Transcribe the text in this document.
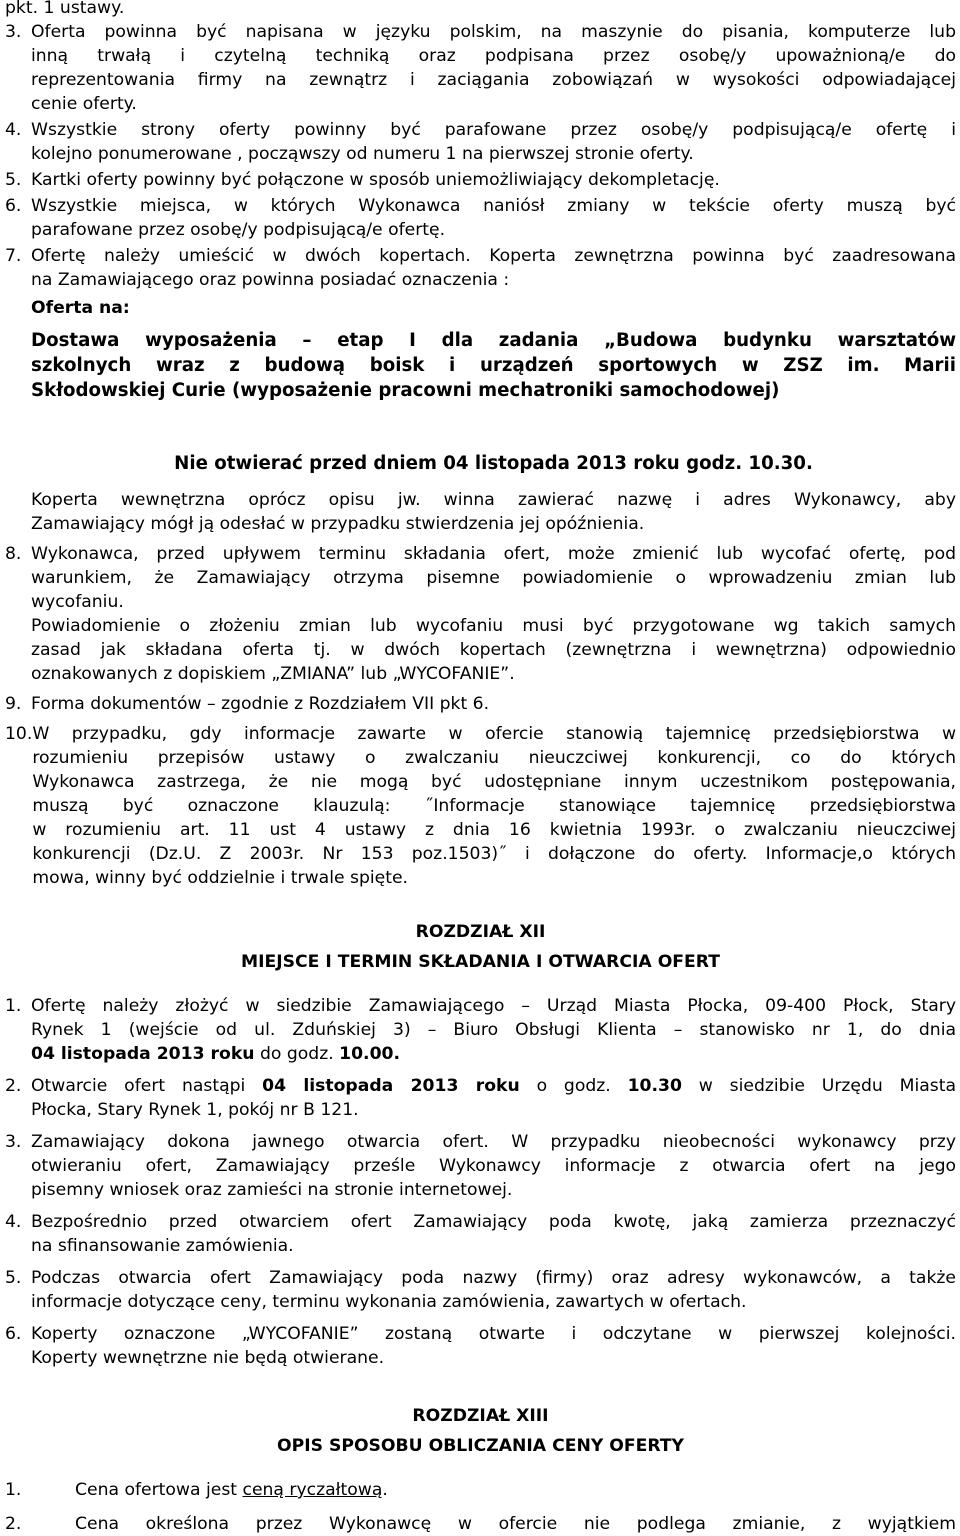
pkt. 1 ustawy.

3. Oferta powinna być napisana w języku polskim, na maszynie do pisania, komputerze lub

inną trwałą i czytelną techniką oraz podpisana przez osobę/y upoważnioną/e do

reprezentowania firmy na zewnątrz i zaciągania zobowiązań w wysokości odpowiadającej

cenie oferty.

4. Wszystkie strony oferty powinny być parafowane przez osobę/y podpisującą/e ofertę i

kolejno ponumerowane , począwszy od numeru 1 na pierwszej stronie oferty.

5. Kartki oferty powinny być połączone w sposób uniemożliwiający dekompletację.

6. Wszystkie miejsca, w których Wykonawca naniósł zmiany w tekście oferty muszą być

parafowane przez osobę/y podpisującą/e ofertę.

7. Ofertę należy umieścić w dwóch kopertach. Koperta zewnętrzna powinna być zaadresowana

na Zamawiającego oraz powinna posiadać oznaczenia :

Oferta na:

Dostawa wyposażenia – etap I dla zadania „Budowa budynku warsztatów

szkolnych wraz z budową boisk i urządzeń sportowych w ZSZ im. Marii

Skłodowskiej Curie (wyposażenie pracowni mechatroniki samochodowej)

Nie otwierać przed dniem 04 listopada 2013 roku godz. 10.30.

Koperta wewnętrzna oprócz opisu jw. winna zawierać nazwę i adres Wykonawcy, aby

Zamawiający mógł ją odesłać w przypadku stwierdzenia jej opóźnienia.

8. Wykonawca, przed upływem terminu składania ofert, może zmienić lub wycofać ofertę, pod

warunkiem, że Zamawiający otrzyma pisemne powiadomienie o wprowadzeniu zmian lub

wycofaniu.

Powiadomienie o złożeniu zmian lub wycofaniu musi być przygotowane wg takich samych

zasad jak składana oferta tj. w dwóch kopertach (zewnętrzna i wewnętrzna) odpowiednio

oznakowanych z dopiskiem „ZMIANA” lub „WYCOFANIE”.

9. Forma dokumentów – zgodnie z Rozdziałem VII pkt 6.

10. W przypadku, gdy informacje zawarte w ofercie stanowią tajemnicę przedsiębiorstwa w

rozumieniu przepisów ustawy o zwalczaniu nieuczciwej konkurencji, co do których

Wykonawca zastrzega, że nie mogą być udostępniane innym uczestnikom postępowania,

muszą być oznaczone klauzulą: ˝Informacje stanowiące tajemnicę przedsiębiorstwa

w rozumieniu art. 11 ust 4 ustawy z dnia 16 kwietnia 1993r. o zwalczaniu nieuczciwej

konkurencji (Dz.U. Z 2003r. Nr 153 poz.1503)˝ i dołączone do oferty. Informacje,o których

mowa, winny być oddzielnie i trwale spięte.

ROZDZIAŁ XII

MIEJSCE I TERMIN SKŁADANIA I OTWARCIA OFERT

1. Ofertę należy złożyć w siedzibie Zamawiającego – Urząd Miasta Płocka, 09-400 Płock, Stary

Rynek 1 (wejście od ul. Zduńskiej 3) – Biuro Obsługi Klienta – stanowisko nr 1, do dnia

04 listopada 2013 roku do godz. 10.00.

2. Otwarcie ofert nastąpi 04 listopada 2013 roku o godz. 10.30 w siedzibie Urzędu Miasta

Płocka, Stary Rynek 1, pokój nr B 121.

3. Zamawiający dokona jawnego otwarcia ofert. W przypadku nieobecności wykonawcy przy

otwieraniu ofert, Zamawiający prześle Wykonawcy informacje z otwarcia ofert na jego

pisemny wniosek oraz zamieści na stronie internetowej.

4. Bezpośrednio przed otwarciem ofert Zamawiający poda kwotę, jaką zamierza przeznaczyć

na sfinansowanie zamówienia.

5. Podczas otwarcia ofert Zamawiający poda nazwy (firmy) oraz adresy wykonawców, a także

informacje dotyczące ceny, terminu wykonania zamówienia, zawartych w ofertach.

6. Koperty oznaczone „WYCOFANIE” zostaną otwarte i odczytane w pierwszej kolejności.

Koperty wewnętrzne nie będą otwierane.

ROZDZIAŁ XIII

OPIS SPOSOBU OBLICZANIA CENY OFERTY

1.	Cena ofertowa jest ceną ryczałtową.
2.	Cena określona przez Wykonawcę w ofercie nie podlega zmianie, z wyjątkiem
